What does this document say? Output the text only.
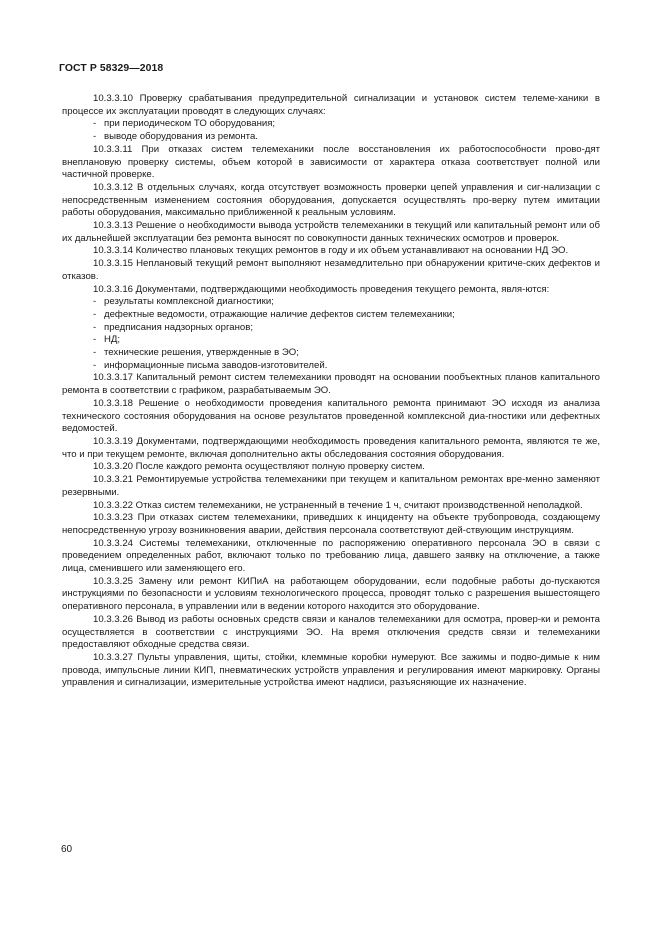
ГОСТ Р 58329—2018

10.3.3.10 Проверку срабатывания предупредительной сигнализации и установок систем телеме-ханики в процессе их эксплуатации проводят в следующих случаях:

- при периодическом ТО оборудования;

- выводе оборудования из ремонта.

10.3.3.11 При отказах систем телемеханики после восстановления их работоспособности прово-дят внеплановую проверку системы, объем которой в зависимости от характера отказа соответствует полной или частичной проверке.

10.3.3.12 В отдельных случаях, когда отсутствует возможность проверки цепей управления и сиг-нализации с непосредственным изменением состояния оборудования, допускается осуществлять про-верку путем имитации работы оборудования, максимально приближенной к реальным условиям.

10.3.3.13 Решение о необходимости вывода устройств телемеханики в текущий или капитальный ремонт или об их дальнейшей эксплуатации без ремонта выносят по совокупности данных технических осмотров и проверок.

10.3.3.14 Количество плановых текущих ремонтов в году и их объем устанавливают на основании НД ЭО.

10.3.3.15 Неплановый текущий ремонт выполняют незамедлительно при обнаружении критиче-ских дефектов и отказов.

10.3.3.16 Документами, подтверждающими необходимость проведения текущего ремонта, явля-ются:

- результаты комплексной диагностики;

- дефектные ведомости, отражающие наличие дефектов систем телемеханики;

- предписания надзорных органов;

- НД;

- технические решения, утвержденные в ЭО;

- информационные письма заводов-изготовителей.

10.3.3.17 Капитальный ремонт систем телемеханики проводят на основании пообъектных планов капитального ремонта в соответствии с графиком, разрабатываемым ЭО.

10.3.3.18 Решение о необходимости проведения капитального ремонта принимают ЭО исходя из анализа технического состояния оборудования на основе результатов проведенной комплексной диа-гностики или дефектных ведомостей.

10.3.3.19 Документами, подтверждающими необходимость проведения капитального ремонта, являются те же, что и при текущем ремонте, включая дополнительно акты обследования состояния оборудования.

10.3.3.20 После каждого ремонта осуществляют полную проверку систем.

10.3.3.21 Ремонтируемые устройства телемеханики при текущем и капитальном ремонтах вре-менно заменяют резервными.

10.3.3.22 Отказ систем телемеханики, не устраненный в течение 1 ч, считают производственной неполадкой.

10.3.3.23 При отказах систем телемеханики, приведших к инциденту на объекте трубопровода, создающему непосредственную угрозу возникновения аварии, действия персонала соответствуют дей-ствующим инструкциям.

10.3.3.24 Системы телемеханики, отключенные по распоряжению оперативного персонала ЭО в связи с проведением определенных работ, включают только по требованию лица, давшего заявку на отключение, а также лица, сменившего или заменяющего его.

10.3.3.25 Замену или ремонт КИПиА на работающем оборудовании, если подобные работы до-пускаются инструкциями по безопасности и условиям технологического процесса, проводят только с разрешения вышестоящего оперативного персонала, в управлении или в ведении которого находится это оборудование.

10.3.3.26 Вывод из работы основных средств связи и каналов телемеханики для осмотра, провер-ки и ремонта осуществляется в соответствии с инструкциями ЭО. На время отключения средств связи и телемеханики предоставляют обходные средства связи.

10.3.3.27 Пульты управления, щиты, стойки, клеммные коробки нумеруют. Все зажимы и подво-димые к ним провода, импульсные линии КИП, пневматических устройств управления и регулирования имеют маркировку. Органы управления и сигнализации, измерительные устройства имеют надписи, разъясняющие их назначение.

60
